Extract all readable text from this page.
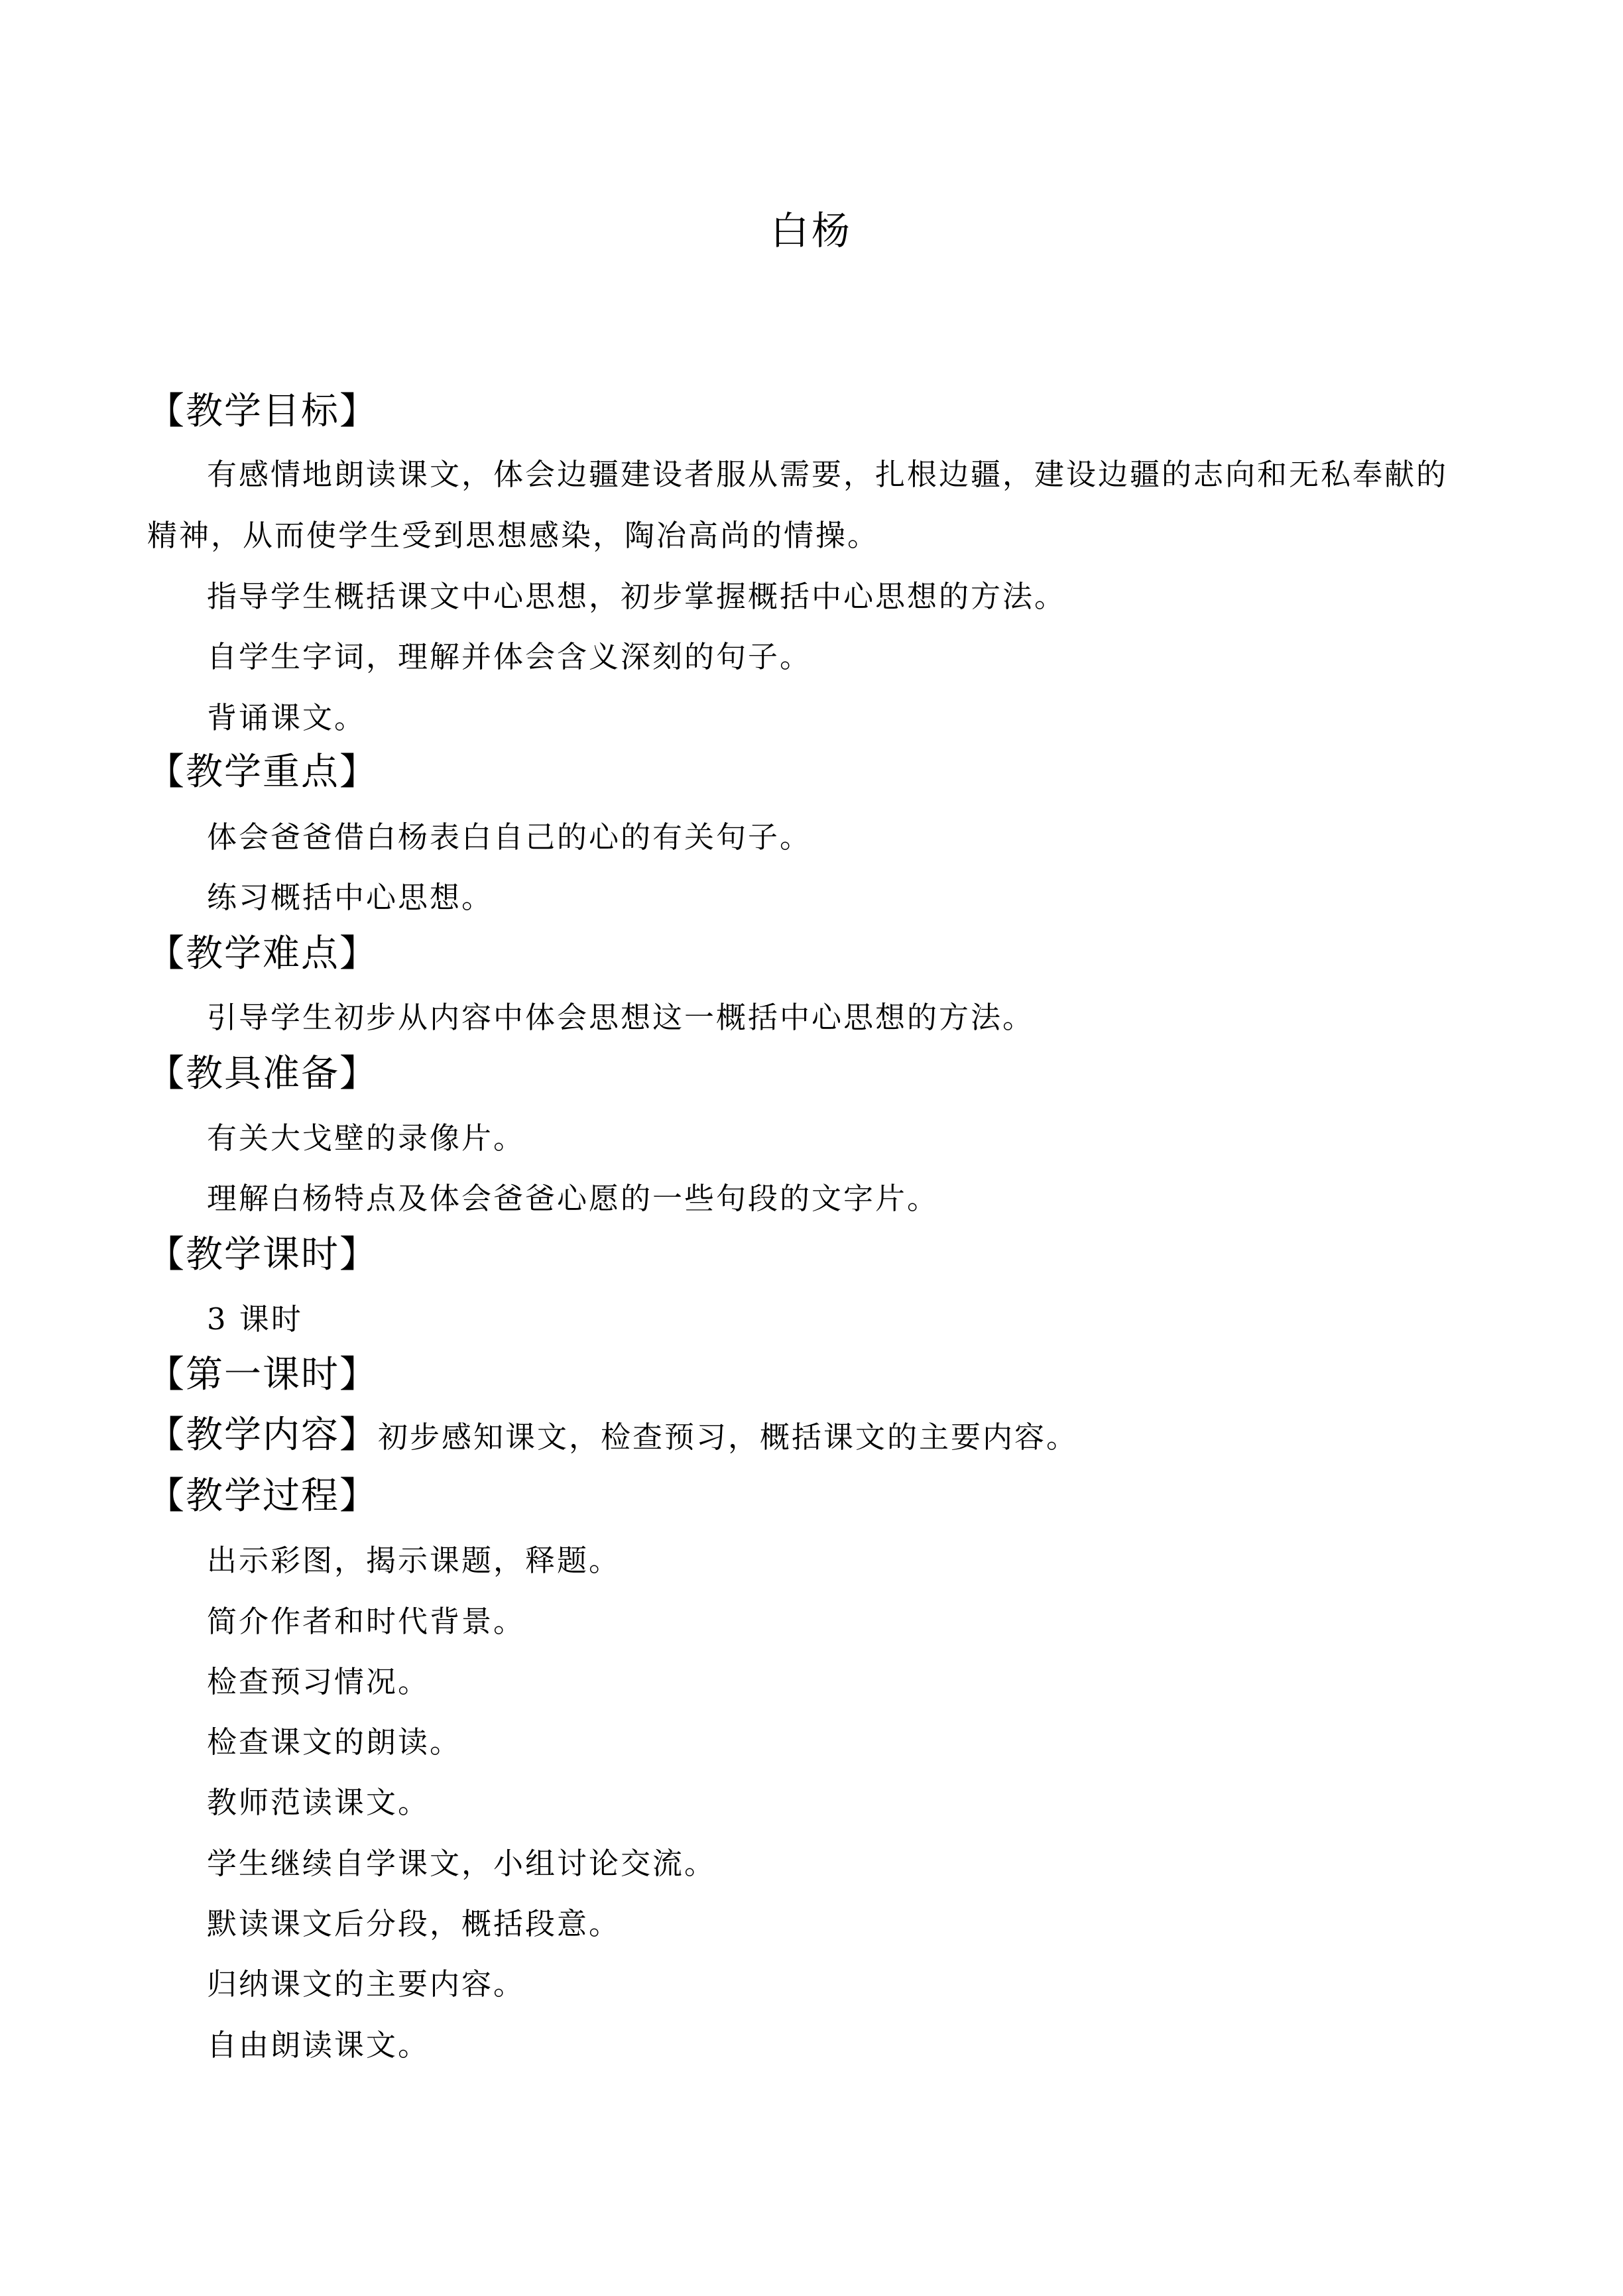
白杨
【教学目标】
有感情地朗读课文，体会边疆建设者服从需要，扎根边疆，建设边疆的志向和无私奉献的
精神，从而使学生受到思想感染，陶冶高尚的情操。
指导学生概括课文中心思想，初步掌握概括中心思想的方法。
自学生字词，理解并体会含义深刻的句子。
背诵课文。
【教学重点】
体会爸爸借白杨表白自己的心的有关句子。
练习概括中心思想。
【教学难点】
引导学生初步从内容中体会思想这一概括中心思想的方法。
【教具准备】
有关大戈壁的录像片。
理解白杨特点及体会爸爸心愿的一些句段的文字片。
【教学课时】
3 课时
【第一课时】
【教学内容】初步感知课文，检查预习，概括课文的主要内容。
【教学过程】
出示彩图，揭示课题，释题。
简介作者和时代背景。
检查预习情况。
检查课文的朗读。
教师范读课文。
学生继续自学课文，小组讨论交流。
默读课文后分段，概括段意。
归纳课文的主要内容。
自由朗读课文。
